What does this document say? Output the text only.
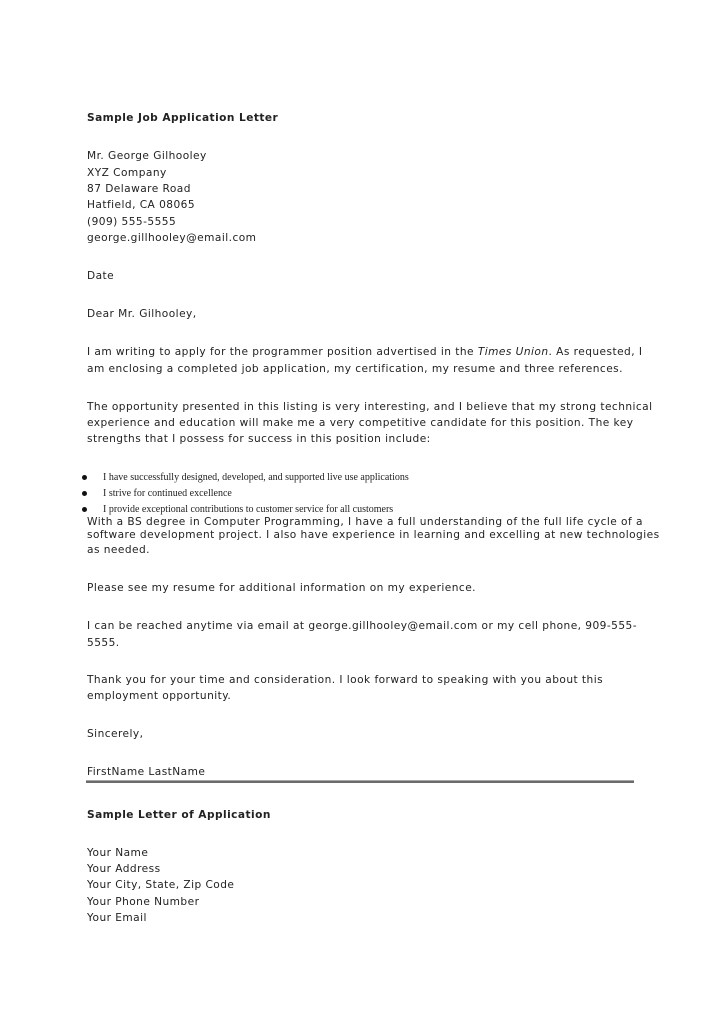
Sample Job Application Letter
Mr. George Gilhooley
XYZ Company
87 Delaware Road
Hatfield, CA 08065
(909) 555-5555
george.gillhooley@email.com
Date
Dear Mr. Gilhooley,
I am writing to apply for the programmer position advertised in the Times Union. As requested, I
am enclosing a completed job application, my certification, my resume and three references.
The opportunity presented in this listing is very interesting, and I believe that my strong technical
experience and education will make me a very competitive candidate for this position. The key
strengths that I possess for success in this position include:
I have successfully designed, developed, and supported live use applications
I strive for continued excellence
I provide exceptional contributions to customer service for all customers
With a BS degree in Computer Programming, I have a full understanding of the full life cycle of a
software development project. I also have experience in learning and excelling at new technologies
as needed.
Please see my resume for additional information on my experience.
I can be reached anytime via email at george.gillhooley@email.com or my cell phone, 909-555-
5555.
Thank you for your time and consideration. I look forward to speaking with you about this
employment opportunity.
Sincerely,
FirstName LastName
Sample Letter of Application
Your Name
Your Address
Your City, State, Zip Code
Your Phone Number
Your Email
